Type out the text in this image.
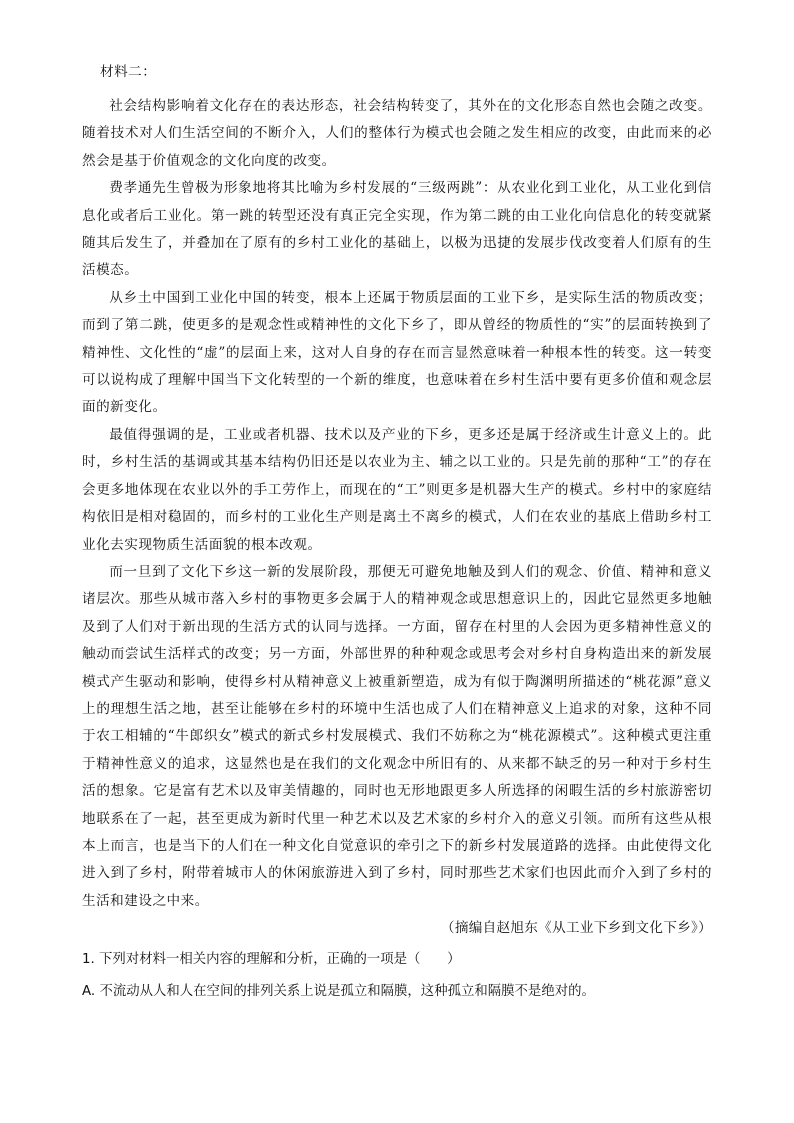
材料二：

社会结构影响着文化存在的表达形态，社会结构转变了，其外在的文化形态自然也会随之改变。随着技术对人们生活空间的不断介入，人们的整体行为模式也会随之发生相应的改变，由此而来的必然会是基于价值观念的文化向度的改变。

费孝通先生曾极为形象地将其比喻为乡村发展的“三级两跳”：从农业化到工业化，从工业化到信息化或者后工业化。第一跳的转型还没有真正完全实现，作为第二跳的由工业化向信息化的转变就紧随其后发生了，并叠加在了原有的乡村工业化的基础上，以极为迅捷的发展步伐改变着人们原有的生活模态。

从乡土中国到工业化中国的转变，根本上还属于物质层面的工业下乡，是实际生活的物质改变；而到了第二跳，使更多的是观念性或精神性的文化下乡了，即从曾经的物质性的“实”的层面转换到了精神性、文化性的“虚”的层面上来，这对人自身的存在而言显然意味着一种根本性的转变。这一转变可以说构成了理解中国当下文化转型的一个新的维度，也意味着在乡村生活中要有更多价值和观念层面的新变化。

最值得强调的是，工业或者机器、技术以及产业的下乡，更多还是属于经济或生计意义上的。此时，乡村生活的基调或其基本结构仍旧还是以农业为主、辅之以工业的。只是先前的那种“工”的存在会更多地体现在农业以外的手工劳作上，而现在的“工”则更多是机器大生产的模式。乡村中的家庭结构依旧是相对稳固的，而乡村的工业化生产则是离土不离乡的模式，人们在农业的基底上借助乡村工业化去实现物质生活面貌的根本改观。

而一旦到了文化下乡这一新的发展阶段，那便无可避免地触及到人们的观念、价值、精神和意义诸层次。那些从城市落入乡村的事物更多会属于人的精神观念或思想意识上的，因此它显然更多地触及到了人们对于新出现的生活方式的认同与选择。一方面，留存在村里的人会因为更多精神性意义的触动而尝试生活样式的改变；另一方面，外部世界的种种观念或思考会对乡村自身构造出来的新发展模式产生驱动和影响，使得乡村从精神意义上被重新塑造，成为有似于陶渊明所描述的“桃花源”意义上的理想生活之地，甚至让能够在乡村的环境中生活也成了人们在精神意义上追求的对象，这种不同于农工相辅的“牛郎织女”模式的新式乡村发展模式、我们不妨称之为“桃花源模式”。这种模式更注重于精神性意义的追求，这显然也是在我们的文化观念中所旧有的、从来都不缺乏的另一种对于乡村生活的想象。它是富有艺术以及审美情趣的，同时也无形地跟更多人所选择的闲暇生活的乡村旅游密切地联系在了一起，甚至更成为新时代里一种艺术以及艺术家的乡村介入的意义引领。而所有这些从根本上而言，也是当下的人们在一种文化自觉意识的牵引之下的新乡村发展道路的选择。由此使得文化进入到了乡村，附带着城市人的休闲旅游进入到了乡村，同时那些艺术家们也因此而介入到了乡村的生活和建设之中来。

（摘编自赵旭东《从工业下乡到文化下乡》）

1. 下列对材料一相关内容的理解和分析，正确的一项是（　　）

A. 不流动从人和人在空间的排列关系上说是孤立和隔膜，这种孤立和隔膜不是绝对的。
